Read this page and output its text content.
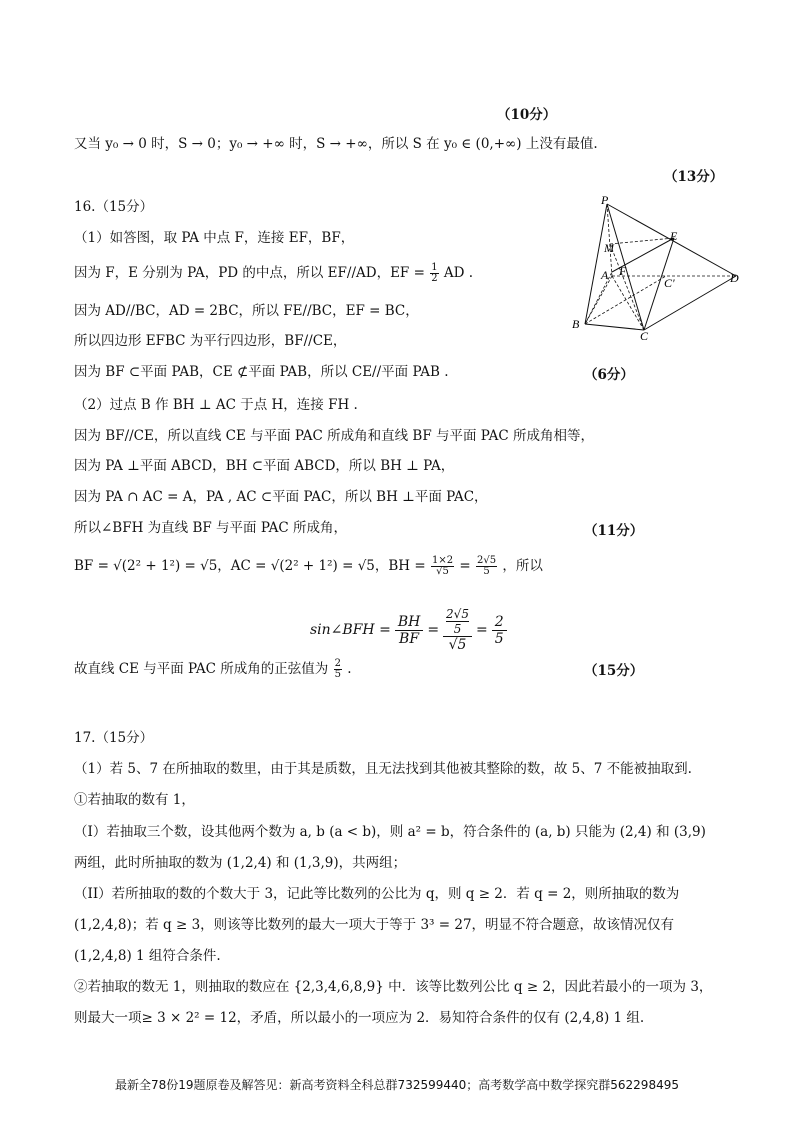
（10分）
（13分）
（6分）
（11分）
（15分）
又当 y₀ → 0 时，S → 0；y₀ → +∞ 时，S → +∞，所以 S 在 y₀ ∈ (0,+∞) 上没有最值.
16.（15分）
（1）如答图，取 PA 中点 F，连接 EF，BF，
因为 F，E 分别为 PA，PD 的中点，所以 EF//AD，EF = $\frac{1}{2}$ AD .
因为 AD//BC，AD = 2BC，所以 FE//BC，EF = BC，
所以四边形 EFBC 为平行四边形，BF//CE，
因为 BF ⊂平面 PAB，CE ⊄平面 PAB，所以 CE//平面 PAB .
（2）过点 B 作 BH ⊥ AC 于点 H，连接 FH .
因为 BF//CE，所以直线 CE 与平面 PAC 所成角和直线 BF 与平面 PAC 所成角相等，
因为 PA ⊥平面 ABCD，BH ⊂平面 ABCD，所以 BH ⊥ PA，
因为 PA ∩ AC = A，PA , AC ⊂平面 PAC，所以 BH ⊥平面 PAC，
所以∠BFH 为直线 BF 与平面 PAC 所成角，
BF = √(2² + 1²) = √5，AC = √(2² + 1²) = √5，BH = $\frac{1\times 2}{√5} = \frac{2√5}{5}$ ，所以
sin∠BFH = $\frac{BH}{BF} = \frac{\frac{2√5}{5}}{√5} = \frac{2}{5}$
故直线 CE 与平面 PAC 所成角的正弦值为 $\frac{2}{5}$ .
17.（15分）
（1）若 5、7 在所抽取的数里，由于其是质数，且无法找到其他被其整除的数，故 5、7 不能被抽取到.
①若抽取的数有 1，
（I）若抽取三个数，设其他两个数为 a, b (a < b)，则 a² = b，符合条件的 (a, b) 只能为 (2,4) 和 (3,9)
两组，此时所抽取的数为 (1,2,4) 和 (1,3,9)，共两组；
（II）若所抽取的数的个数大于 3，记此等比数列的公比为 q，则 q ≥ 2．若 q = 2，则所抽取的数为
(1,2,4,8)；若 q ≥ 3，则该等比数列的最大一项大于等于 3³ = 27，明显不符合题意，故该情况仅有
(1,2,4,8) 1 组符合条件.
②若抽取的数无 1，则抽取的数应在 {2,3,4,6,8,9} 中．该等比数列公比 q ≥ 2，因此若最小的一项为 3，
则最大一项≥ 3 × 2² = 12，矛盾，所以最小的一项应为 2．易知符合条件的仅有 (2,4,8) 1 组.
P
E
M
F
A
C'	D
B
C
最新全78份19题原卷及解答见：新高考资料全科总群732599440；高考数学高中数学探究群562298495
